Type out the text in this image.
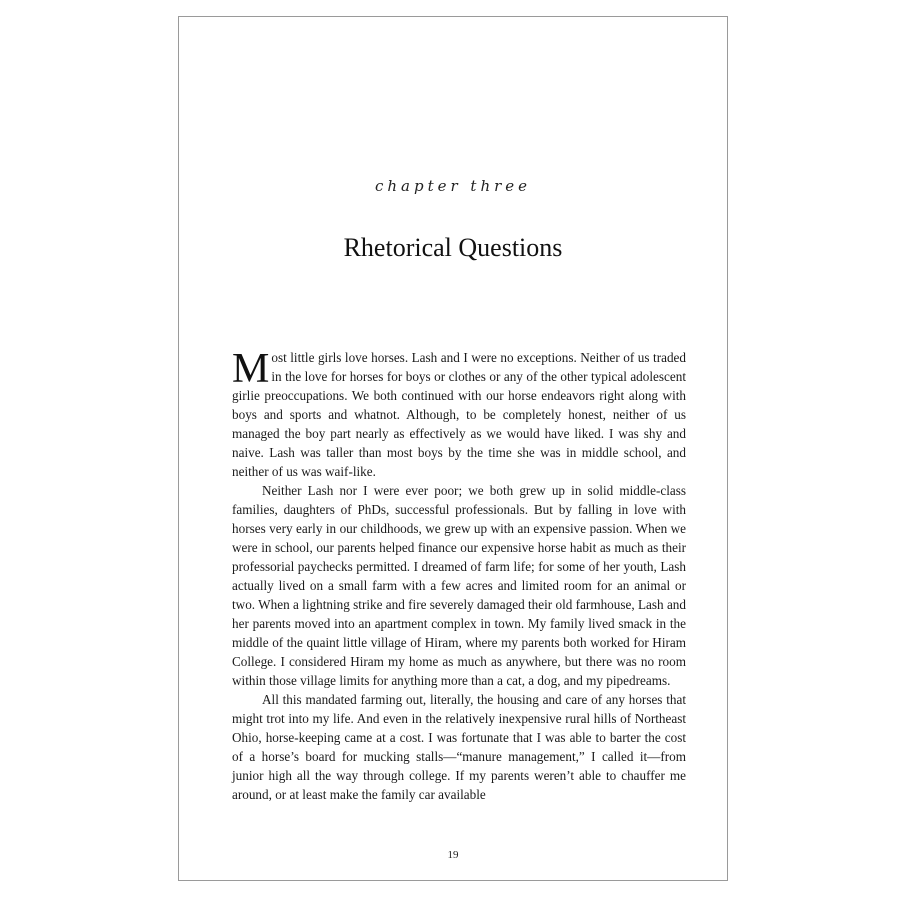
chapter three
Rhetorical Questions

Most little girls love horses. Lash and I were no exceptions. Neither of us traded in the love for horses for boys or clothes or any of the other typical adolescent girlie preoccupations. We both continued with our horse endeavors right along with boys and sports and whatnot. Although, to be completely honest, neither of us managed the boy part nearly as effectively as we would have liked. I was shy and naive. Lash was taller than most boys by the time she was in middle school, and neither of us was waif-like.

Neither Lash nor I were ever poor; we both grew up in solid middle-class families, daughters of PhDs, successful professionals. But by falling in love with horses very early in our childhoods, we grew up with an expensive passion. When we were in school, our parents helped finance our expensive horse habit as much as their professorial paychecks permitted. I dreamed of farm life; for some of her youth, Lash actually lived on a small farm with a few acres and limited room for an animal or two. When a lightning strike and fire severely damaged their old farmhouse, Lash and her parents moved into an apartment complex in town. My family lived smack in the middle of the quaint little village of Hiram, where my parents both worked for Hiram College. I considered Hiram my home as much as anywhere, but there was no room within those village limits for anything more than a cat, a dog, and my pipedreams.

All this mandated farming out, literally, the housing and care of any horses that might trot into my life. And even in the relatively inexpensive rural hills of Northeast Ohio, horse-keeping came at a cost. I was fortunate that I was able to barter the cost of a horse’s board for mucking stalls—“manure management,” I called it—from junior high all the way through college. If my parents weren’t able to chauffer me around, or at least make the family car available

19
